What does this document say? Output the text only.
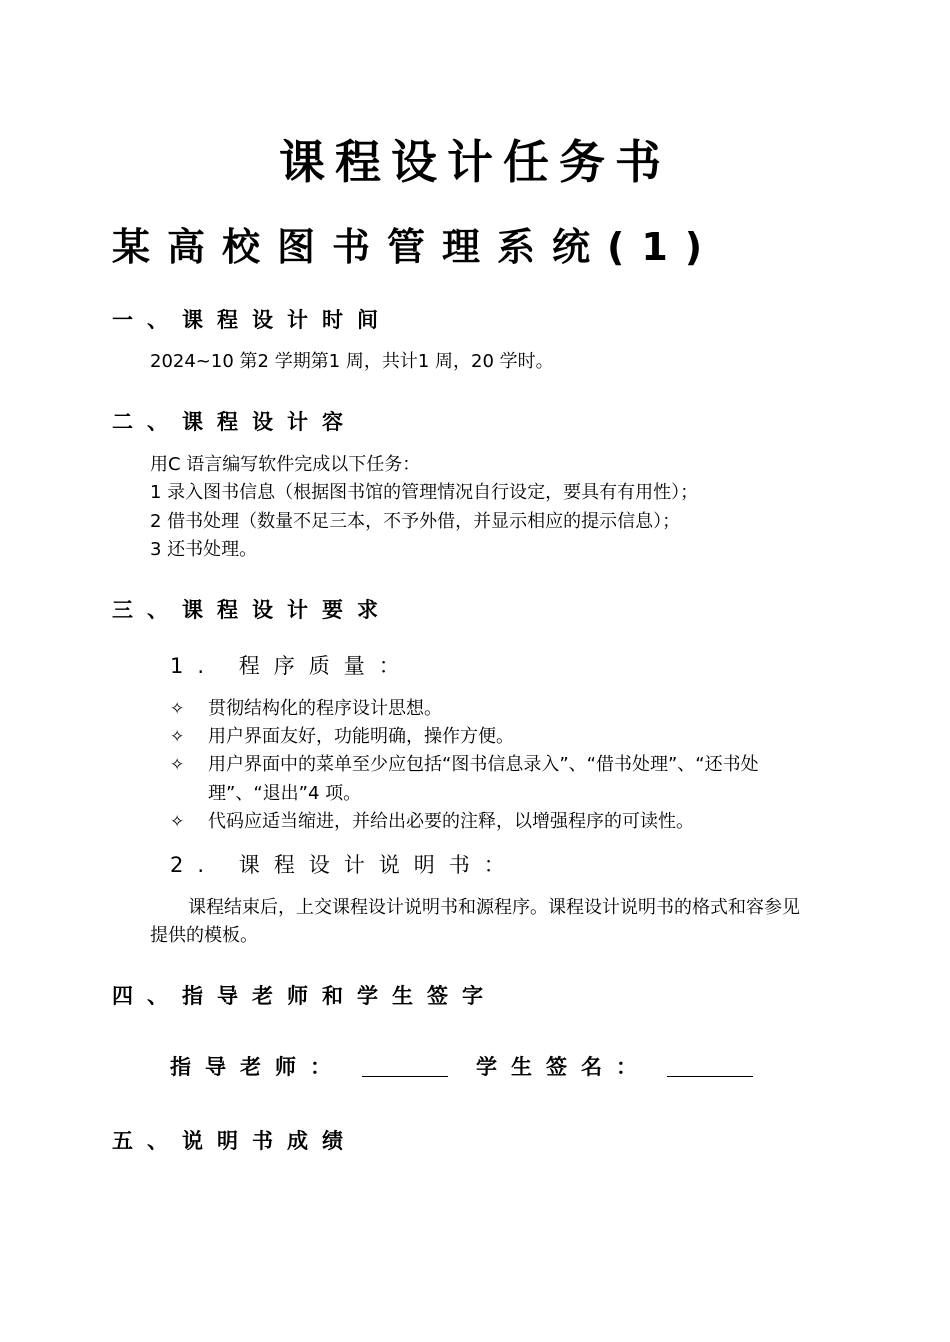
课程设计任务书
某高校图书管理系统(1)
一、课程设计时间
2024~10 第2 学期第1 周，共计1 周，20 学时。
二、课程设计容
用C 语言编写软件完成以下任务：
1 录入图书信息（根据图书馆的管理情况自行设定，要具有有用性）；
2 借书处理（数量不足三本，不予外借，并显示相应的提示信息）；
3 还书处理。
三、课程设计要求
1. 程序质量：
✧ 贯彻结构化的程序设计思想。
✧ 用户界面友好，功能明确，操作方便。
✧ 用户界面中的菜单至少应包括“图书信息录入”、“借书处理”、“还书处
理”、“退出”4 项。
✧ 代码应适当缩进，并给出必要的注释，以增强程序的可读性。
2. 课程设计说明书：
课程结束后，上交课程设计说明书和源程序。课程设计说明书的格式和容参见
提供的模板。
四、指导老师和学生签字
指导老师：	学生签名：
五、说明书成绩
